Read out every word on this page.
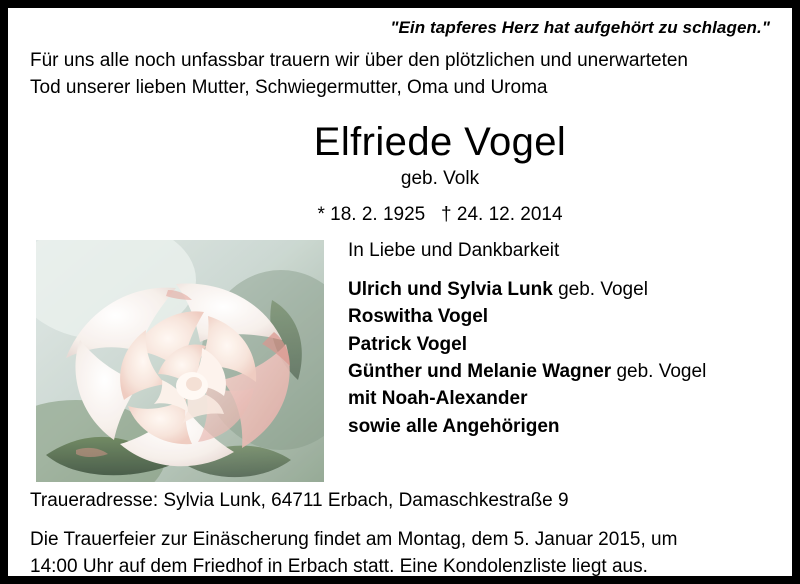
"Ein tapferes Herz hat aufgehört zu schlagen."
Für uns alle noch unfassbar trauern wir über den plötzlichen und unerwarteten
Tod unserer lieben Mutter, Schwiegermutter, Oma und Uroma
Elfriede Vogel
geb. Volk
* 18. 2. 1925   † 24. 12. 2014
In Liebe und Dankbarkeit
Ulrich und Sylvia Lunk geb. Vogel
Roswitha Vogel
Patrick Vogel
Günther und Melanie Wagner geb. Vogel
mit Noah-Alexander
sowie alle Angehörigen
Traueradresse: Sylvia Lunk, 64711 Erbach, Damaschkestraße 9
Die Trauerfeier zur Einäscherung findet am Montag, dem 5. Januar 2015, um
14:00 Uhr auf dem Friedhof in Erbach statt. Eine Kondolenzliste liegt aus.
